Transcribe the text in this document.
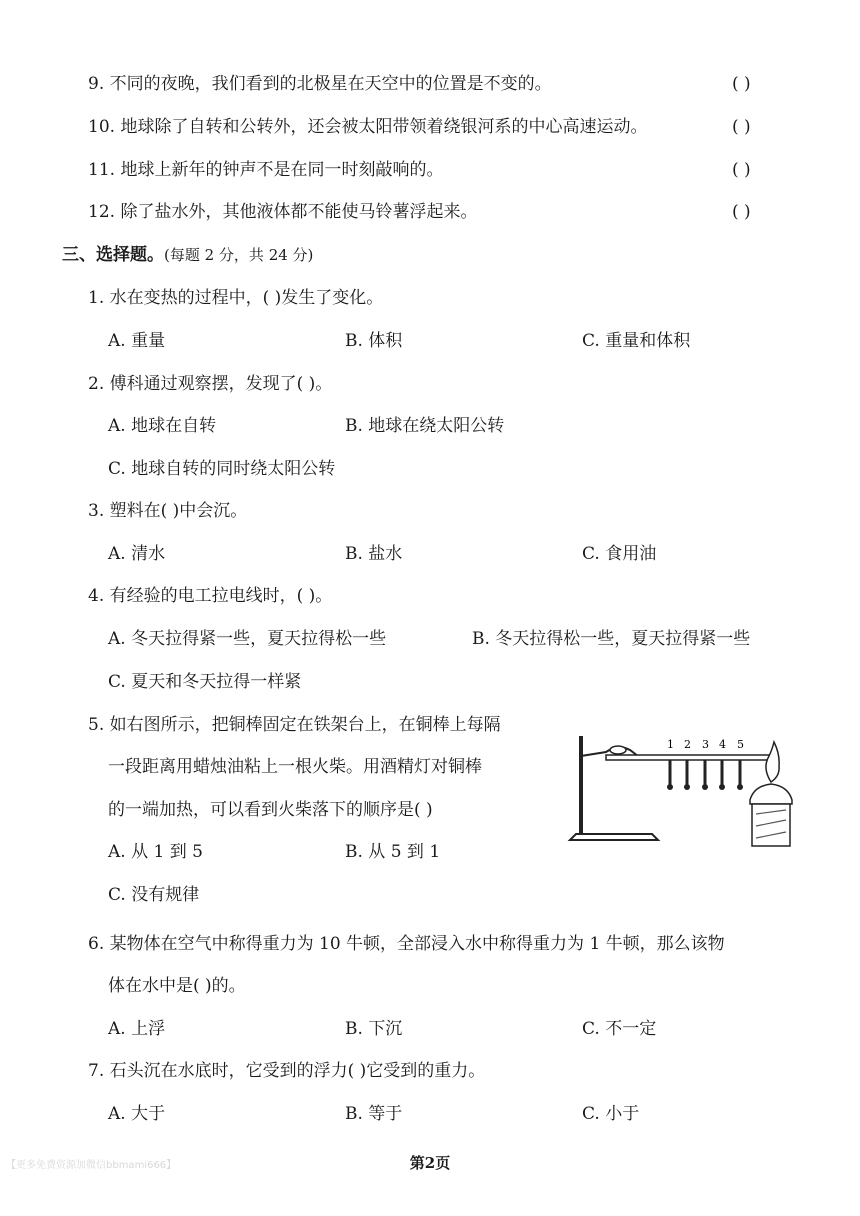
9. 不同的夜晚，我们看到的北极星在天空中的位置是不变的。	( )
10. 地球除了自转和公转外，还会被太阳带领着绕银河系的中心高速运动。	( )
11. 地球上新年的钟声不是在同一时刻敲响的。	( )
12. 除了盐水外，其他液体都不能使马铃薯浮起来。	( )
三、选择题。(每题 2 分，共 24 分)
1. 水在变热的过程中，( )发生了变化。
A. 重量	B. 体积	C. 重量和体积
2. 傅科通过观察摆，发现了( )。
A. 地球在自转	B. 地球在绕太阳公转
C. 地球自转的同时绕太阳公转
3. 塑料在( )中会沉。
A. 清水	B. 盐水	C. 食用油
4. 有经验的电工拉电线时，( )。
A. 冬天拉得紧一些，夏天拉得松一些	B. 冬天拉得松一些，夏天拉得紧一些
C. 夏天和冬天拉得一样紧
5. 如右图所示，把铜棒固定在铁架台上，在铜棒上每隔
一段距离用蜡烛油粘上一根火柴。用酒精灯对铜棒
的一端加热，可以看到火柴落下的顺序是( )
A. 从 1 到 5	B. 从 5 到 1
C. 没有规律
1 2 3 4 5
6. 某物体在空气中称得重力为 10 牛顿，全部浸入水中称得重力为 1 牛顿，那么该物
体在水中是( )的。
A. 上浮	B. 下沉	C. 不一定
7. 石头沉在水底时，它受到的浮力( )它受到的重力。
A. 大于	B. 等于	C. 小于
【更多免费资源加微信bbmami666】	第2页
